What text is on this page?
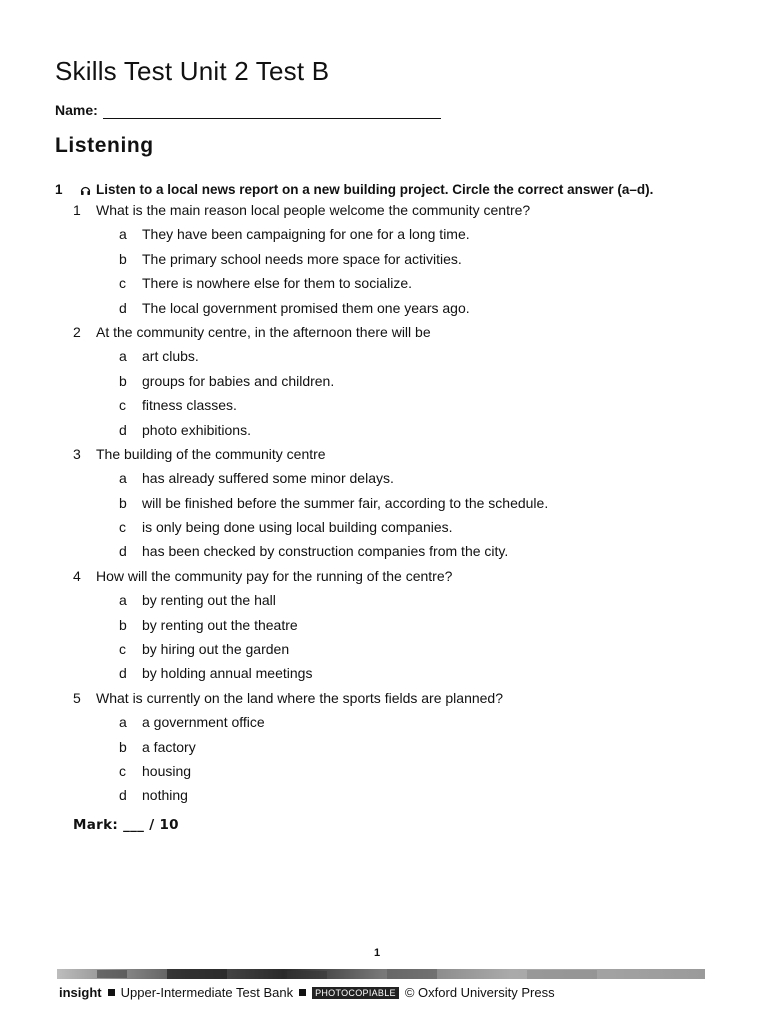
Skills Test Unit 2 Test B
Name:
Listening
1 Listen to a local news report on a new building project. Circle the correct answer (a–d).
1 What is the main reason local people welcome the community centre?
a They have been campaigning for one for a long time.
b The primary school needs more space for activities.
c There is nowhere else for them to socialize.
d The local government promised them one years ago.
2 At the community centre, in the afternoon there will be
a art clubs.
b groups for babies and children.
c fitness classes.
d photo exhibitions.
3 The building of the community centre
a has already suffered some minor delays.
b will be finished before the summer fair, according to the schedule.
c is only being done using local building companies.
d has been checked by construction companies from the city.
4 How will the community pay for the running of the centre?
a by renting out the hall
b by renting out the theatre
c by hiring out the garden
d by holding annual meetings
5 What is currently on the land where the sports fields are planned?
a a government office
b a factory
c housing
d nothing
Mark: ___ / 10
1
insight Upper-Intermediate Test Bank	PHOTOCOPIABLE © Oxford University Press
